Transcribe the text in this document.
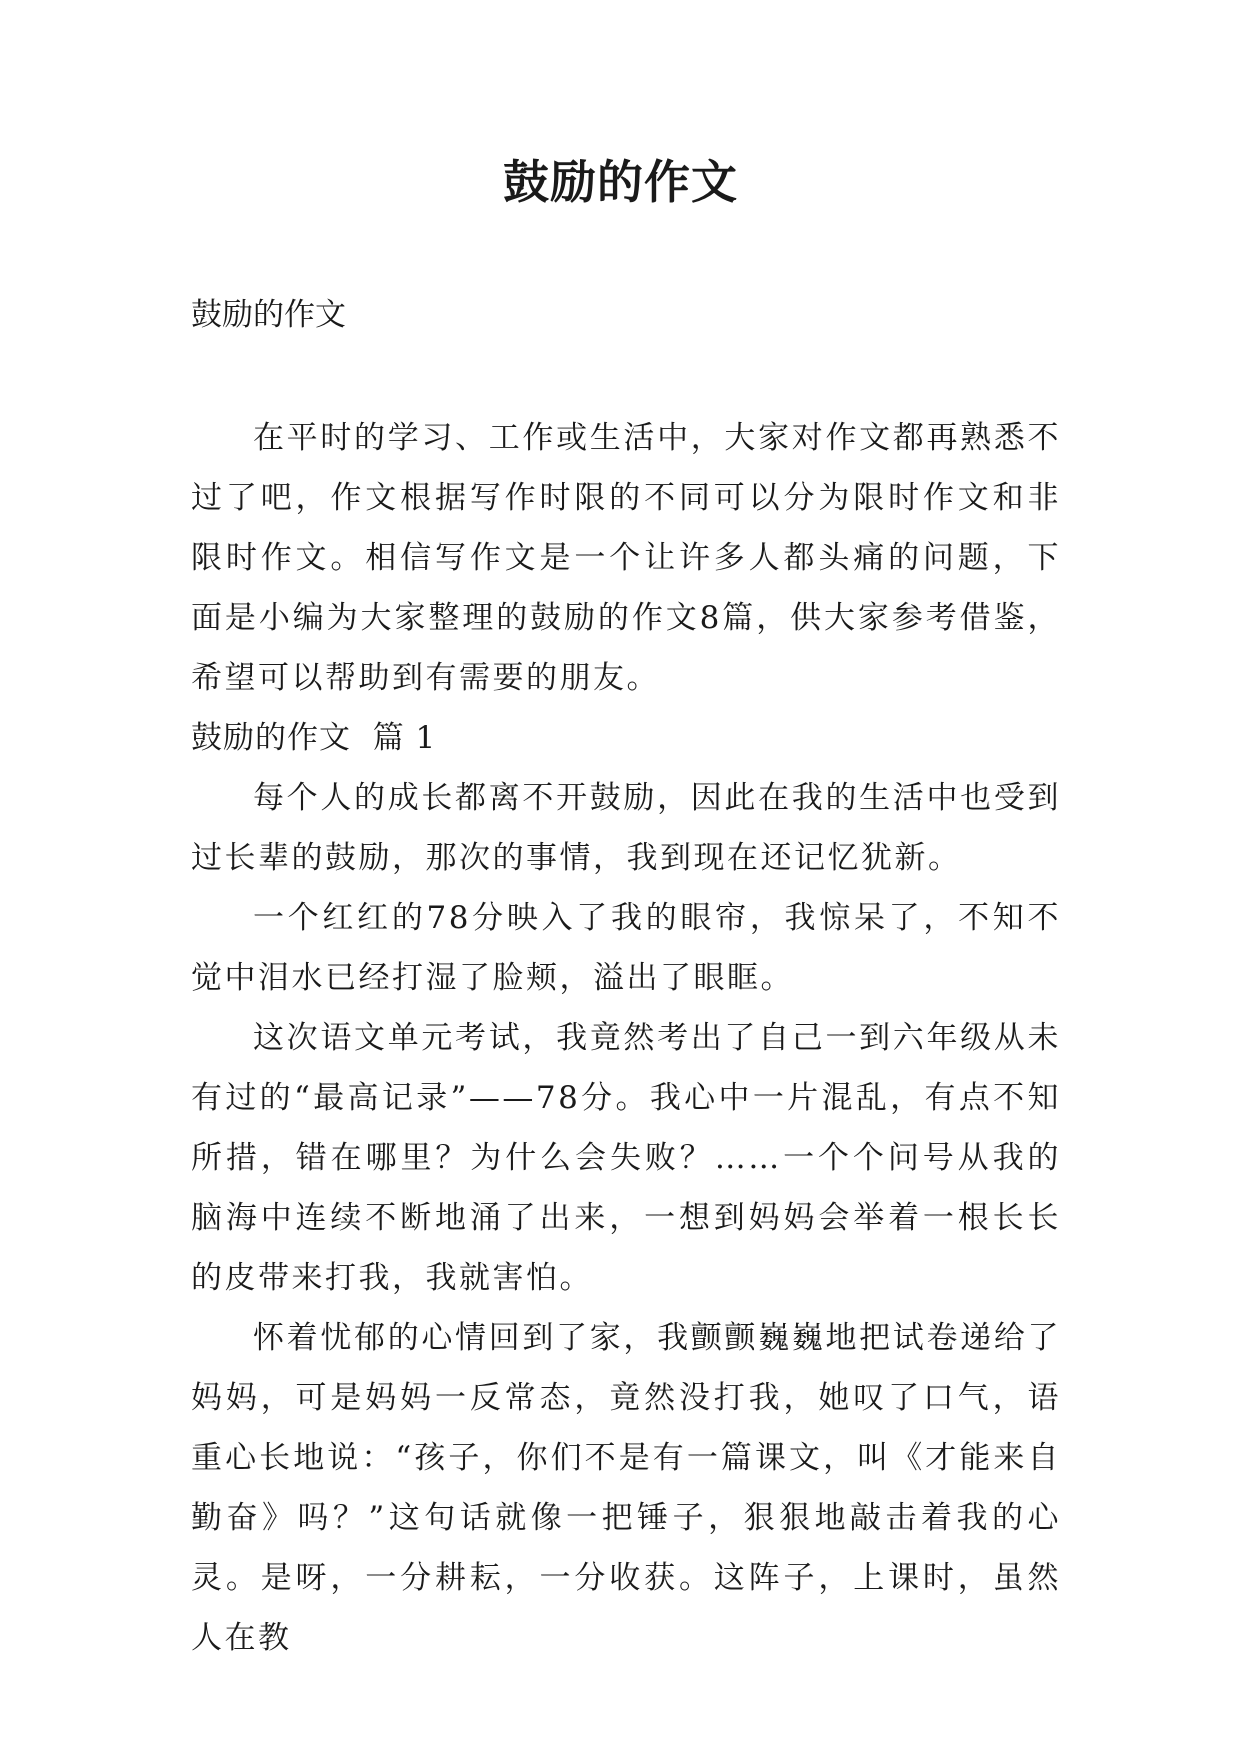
鼓励的作文

鼓励的作文

在平时的学习、工作或生活中，大家对作文都再熟悉不过了吧，作文根据写作时限的不同可以分为限时作文和非限时作文。相信写作文是一个让许多人都头痛的问题，下面是小编为大家整理的鼓励的作文8篇，供大家参考借鉴，希望可以帮助到有需要的朋友。

鼓励的作文  篇 1

每个人的成长都离不开鼓励，因此在我的生活中也受到过长辈的鼓励，那次的事情，我到现在还记忆犹新。

一个红红的78分映入了我的眼帘，我惊呆了，不知不觉中泪水已经打湿了脸颊，溢出了眼眶。

这次语文单元考试，我竟然考出了自己一到六年级从未有过的“最高记录”——78分。我心中一片混乱，有点不知所措，错在哪里？为什么会失败？……一个个问号从我的脑海中连续不断地涌了出来，一想到妈妈会举着一根长长的皮带来打我，我就害怕。

怀着忧郁的心情回到了家，我颤颤巍巍地把试卷递给了妈妈，可是妈妈一反常态，竟然没打我，她叹了口气，语重心长地说：“孩子，你们不是有一篇课文，叫《才能来自勤奋》吗？”这句话就像一把锤子，狠狠地敲击着我的心灵。是呀，一分耕耘，一分收获。这阵子，上课时，虽然人在教
